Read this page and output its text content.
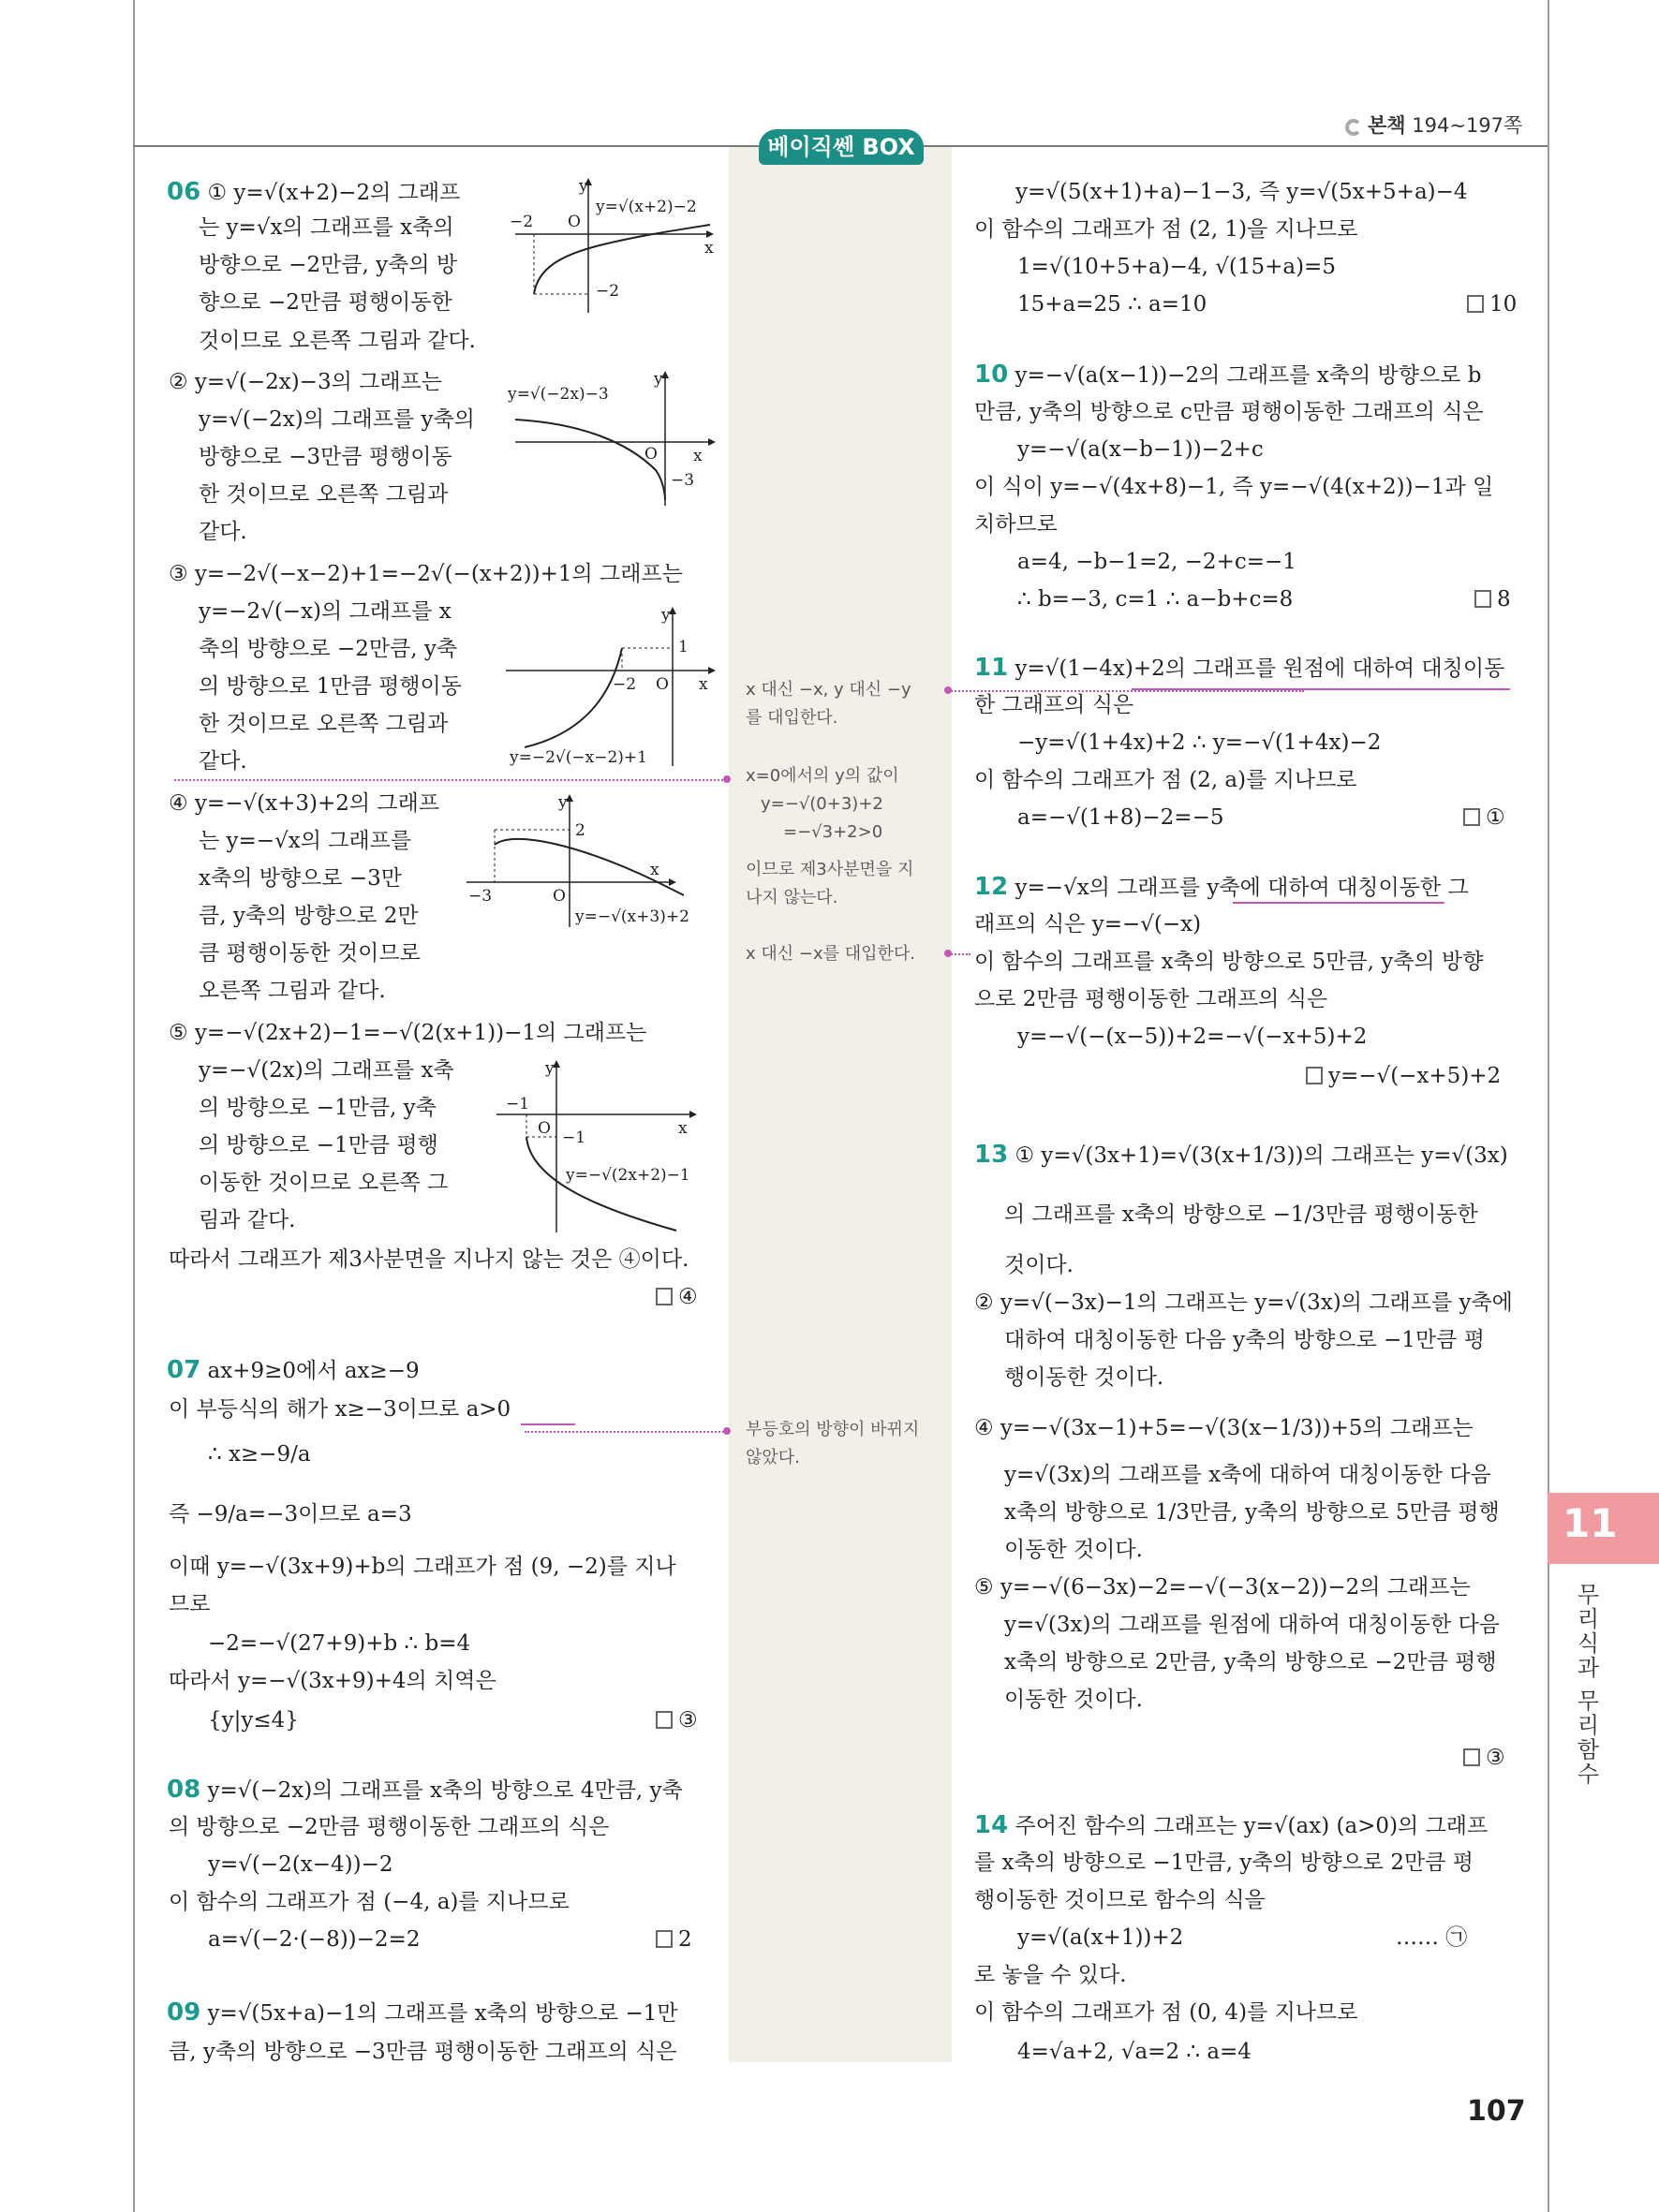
본책 194~197쪽
베이직쎈 BOX
06 ① y=√(x+2)−2의 그래프
는 y=√x의 그래프를 x축의
방향으로 −2만큼, y축의 방
향으로 −2만큼 평행이동한
것이므로 오른쪽 그림과 같다.
② y=√(−2x)−3의 그래프는
y=√(−2x)의 그래프를 y축의
방향으로 −3만큼 평행이동
한 것이므로 오른쪽 그림과
같다.
③ y=−2√(−x−2)+1=−2√(−(x+2))+1의 그래프는
y=−2√(−x)의 그래프를 x
축의 방향으로 −2만큼, y축
의 방향으로 1만큼 평행이동
한 것이므로 오른쪽 그림과
같다.
④ y=−√(x+3)+2의 그래프
는 y=−√x의 그래프를
x축의 방향으로 −3만
큼, y축의 방향으로 2만
큼 평행이동한 것이므로
오른쪽 그림과 같다.
⑤ y=−√(2x+2)−1=−√(2(x+1))−1의 그래프는
y=−√(2x)의 그래프를 x축
의 방향으로 −1만큼, y축
의 방향으로 −1만큼 평행
이동한 것이므로 오른쪽 그
림과 같다.
따라서 그래프가 제3사분면을 지나지 않는 것은 ④이다.
④
07 ax+9≥0에서 ax≥−9
이 부등식의 해가 x≥−3이므로 a>0
∴ x≥−9/a
즉 −9/a=−3이므로 a=3
이때 y=−√(3x+9)+b의 그래프가 점 (9, −2)를 지나
므로
−2=−√(27+9)+b ∴ b=4
따라서 y=−√(3x+9)+4의 치역은
{y|y≤4}	③
08 y=√(−2x)의 그래프를 x축의 방향으로 4만큼, y축
의 방향으로 −2만큼 평행이동한 그래프의 식은
y=√(−2(x−4))−2
이 함수의 그래프가 점 (−4, a)를 지나므로
a=√(−2·(−8))−2=2	2
09 y=√(5x+a)−1의 그래프를 x축의 방향으로 −1만
큼, y축의 방향으로 −3만큼 평행이동한 그래프의 식은
y
x
O
−2
−2
y=√(x+2)−2
y
x
O
−3
y=√(−2x)−3
y
x
O
−2
1
y=−2√(−x−2)+1
y
x
O
−3
2
y=−√(x+3)+2
y
x
O
−1
−1
y=−√(2x+2)−1
x 대신 −x, y 대신 −y
를 대입한다.
x=0에서의 y의 값이
y=−√(0+3)+2
=−√3+2>0
이므로 제3사분면을 지
나지 않는다.
x 대신 −x를 대입한다.
부등호의 방향이 바뀌지
않았다.
y=√(5(x+1)+a)−1−3, 즉 y=√(5x+5+a)−4
이 함수의 그래프가 점 (2, 1)을 지나므로
1=√(10+5+a)−4, √(15+a)=5
15+a=25 ∴ a=10	10
10 y=−√(a(x−1))−2의 그래프를 x축의 방향으로 b
만큼, y축의 방향으로 c만큼 평행이동한 그래프의 식은
y=−√(a(x−b−1))−2+c
이 식이 y=−√(4x+8)−1, 즉 y=−√(4(x+2))−1과 일
치하므로
a=4, −b−1=2, −2+c=−1
∴ b=−3, c=1 ∴ a−b+c=8	8
11 y=√(1−4x)+2의 그래프를 원점에 대하여 대칭이동
한 그래프의 식은
−y=√(1+4x)+2 ∴ y=−√(1+4x)−2
이 함수의 그래프가 점 (2, a)를 지나므로
a=−√(1+8)−2=−5	①
12 y=−√x의 그래프를 y축에 대하여 대칭이동한 그
래프의 식은 y=−√(−x)
이 함수의 그래프를 x축의 방향으로 5만큼, y축의 방향
으로 2만큼 평행이동한 그래프의 식은
y=−√(−(x−5))+2=−√(−x+5)+2
y=−√(−x+5)+2
13 ① y=√(3x+1)=√(3(x+1/3))의 그래프는 y=√(3x)
의 그래프를 x축의 방향으로 −1/3만큼 평행이동한
것이다.
② y=√(−3x)−1의 그래프는 y=√(3x)의 그래프를 y축에
대하여 대칭이동한 다음 y축의 방향으로 −1만큼 평
행이동한 것이다.
④ y=−√(3x−1)+5=−√(3(x−1/3))+5의 그래프는
y=√(3x)의 그래프를 x축에 대하여 대칭이동한 다음
x축의 방향으로 1/3만큼, y축의 방향으로 5만큼 평행
이동한 것이다.
⑤ y=−√(6−3x)−2=−√(−3(x−2))−2의 그래프는
y=√(3x)의 그래프를 원점에 대하여 대칭이동한 다음
x축의 방향으로 2만큼, y축의 방향으로 −2만큼 평행
이동한 것이다.
③
14 주어진 함수의 그래프는 y=√(ax) (a>0)의 그래프
를 x축의 방향으로 −1만큼, y축의 방향으로 2만큼 평
행이동한 것이므로 함수의 식을
y=√(a(x+1))+2	…… ㉠
로 놓을 수 있다.
이 함수의 그래프가 점 (0, 4)를 지나므로
4=√a+2, √a=2 ∴ a=4
11
무리식과 무리함수
107
